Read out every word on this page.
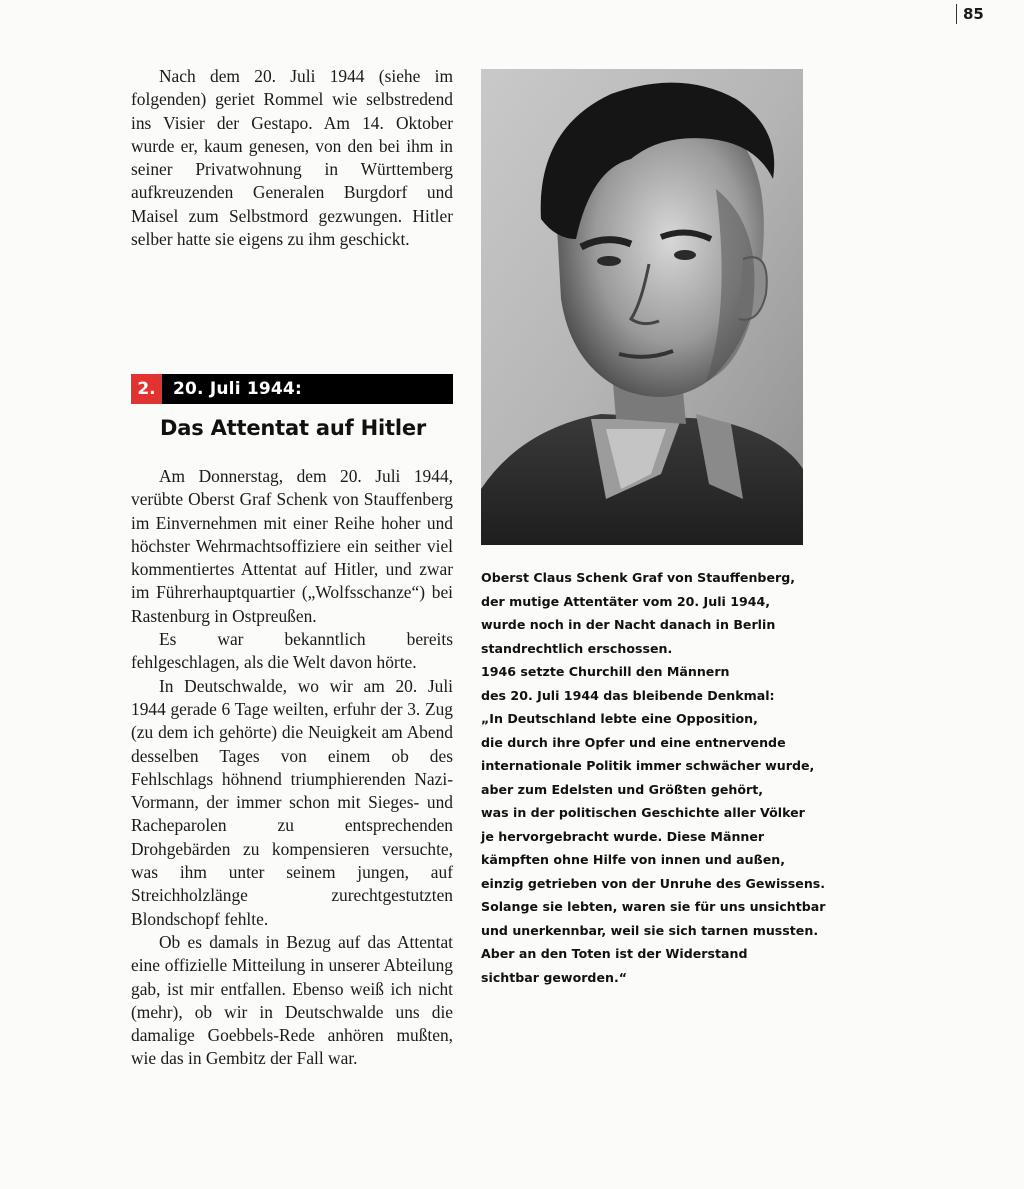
85

Nach dem 20. Juli 1944 (siehe im folgenden) geriet Rommel wie selbstredend ins Visier der Gestapo. Am 14. Oktober wurde er, kaum genesen, von den bei ihm in seiner Privatwohnung in Württemberg aufkreuzenden Generalen Burgdorf und Maisel zum Selbstmord gezwungen. Hitler selber hatte sie eigens zu ihm geschickt.

2.	20. Juli 1944:
Das Attentat auf Hitler

Am Donnerstag, dem 20. Juli 1944, verübte Oberst Graf Schenk von Stauffenberg im Einvernehmen mit einer Reihe hoher und höchster Wehrmachtsoffiziere ein seither viel kommentiertes Attentat auf Hitler, und zwar im Führerhauptquartier („Wolfsschanze“) bei Rastenburg in Ostpreußen.

Es war bekanntlich bereits fehlgeschlagen, als die Welt davon hörte.

In Deutschwalde, wo wir am 20. Juli 1944 gerade 6 Tage weilten, erfuhr der 3. Zug (zu dem ich gehörte) die Neuigkeit am Abend desselben Tages von einem ob des Fehlschlags höhnend triumphierenden Nazi-Vormann, der immer schon mit Sieges- und Racheparolen zu entsprechenden Drohgebärden zu kompensieren versuchte, was ihm unter seinem jungen, auf Streichholzlänge zurechtgestutzten Blondschopf fehlte.

Ob es damals in Bezug auf das Attentat eine offizielle Mitteilung in unserer Abteilung gab, ist mir entfallen. Ebenso weiß ich nicht (mehr), ob wir in Deutschwalde uns die damalige Goebbels-Rede anhören mußten, wie das in Gembitz der Fall war.

Oberst Claus Schenk Graf von Stauffenberg,
der mutige Attentäter vom 20. Juli 1944,
wurde noch in der Nacht danach in Berlin
standrechtlich erschossen.
1946 setzte Churchill den Männern
des 20. Juli 1944 das bleibende Denkmal:
„In Deutschland lebte eine Opposition,
die durch ihre Opfer und eine entnervende
internationale Politik immer schwächer wurde,
aber zum Edelsten und Größten gehört,
was in der politischen Geschichte aller Völker
je hervorgebracht wurde. Diese Männer
kämpften ohne Hilfe von innen und außen,
einzig getrieben von der Unruhe des Gewissens.
Solange sie lebten, waren sie für uns unsichtbar
und unerkennbar, weil sie sich tarnen mussten.
Aber an den Toten ist der Widerstand
sichtbar geworden.“
